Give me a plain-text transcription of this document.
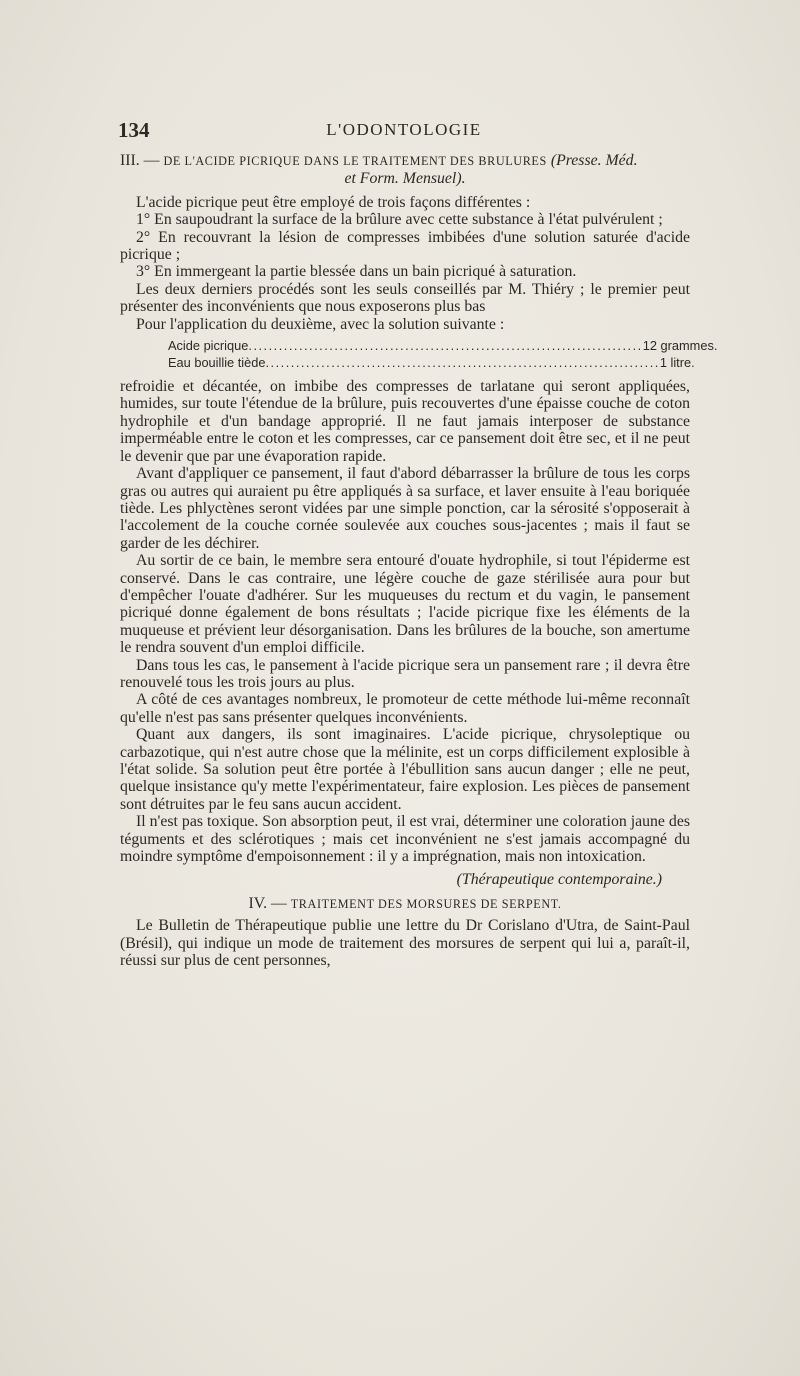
134	L'ODONTOLOGIE

III. — DE L'ACIDE PICRIQUE DANS LE TRAITEMENT DES BRULURES (Presse. Méd.

et Form. Mensuel).

L'acide picrique peut être employé de trois façons différentes :

1° En saupoudrant la surface de la brûlure avec cette substance à l'état pulvérulent ;

2° En recouvrant la lésion de compresses imbibées d'une solution saturée d'acide picrique ;

3° En immergeant la partie blessée dans un bain picriqué à saturation.

Les deux derniers procédés sont les seuls conseillés par M. Thiéry ; le premier peut présenter des inconvénients que nous exposerons plus bas

Pour l'application du deuxième, avec la solution suivante :

Acide picrique .............................................................................. 12 grammes.
Eau bouillie tiède .............................................................................. 1 litre.

refroidie et décantée, on imbibe des compresses de tarlatane qui seront appliquées, humides, sur toute l'étendue de la brûlure, puis recouvertes d'une épaisse couche de coton hydrophile et d'un bandage approprié. Il ne faut jamais interposer de substance imperméable entre le coton et les compresses, car ce pansement doit être sec, et il ne peut le devenir que par une évaporation rapide.

Avant d'appliquer ce pansement, il faut d'abord débarrasser la brûlure de tous les corps gras ou autres qui auraient pu être appliqués à sa surface, et laver ensuite à l'eau boriquée tiède. Les phlyctènes seront vidées par une simple ponction, car la sérosité s'opposerait à l'accolement de la couche cornée soulevée aux couches sous-jacentes ; mais il faut se garder de les déchirer.

Au sortir de ce bain, le membre sera entouré d'ouate hydrophile, si tout l'épiderme est conservé. Dans le cas contraire, une légère couche de gaze stérilisée aura pour but d'empêcher l'ouate d'adhérer. Sur les muqueuses du rectum et du vagin, le pansement picriqué donne également de bons résultats ; l'acide picrique fixe les éléments de la muqueuse et prévient leur désorganisation. Dans les brûlures de la bouche, son amertume le rendra souvent d'un emploi difficile.

Dans tous les cas, le pansement à l'acide picrique sera un pansement rare ; il devra être renouvelé tous les trois jours au plus.

A côté de ces avantages nombreux, le promoteur de cette méthode lui-même reconnaît qu'elle n'est pas sans présenter quelques inconvénients.

Quant aux dangers, ils sont imaginaires. L'acide picrique, chrysoleptique ou carbazotique, qui n'est autre chose que la mélinite, est un corps difficilement explosible à l'état solide. Sa solution peut être portée à l'ébullition sans aucun danger ; elle ne peut, quelque insistance qu'y mette l'expérimentateur, faire explosion. Les pièces de pansement sont détruites par le feu sans aucun accident.

Il n'est pas toxique. Son absorption peut, il est vrai, déterminer une coloration jaune des téguments et des sclérotiques ; mais cet inconvénient ne s'est jamais accompagné du moindre symptôme d'empoisonnement : il y a imprégnation, mais non intoxication.

(Thérapeutique contemporaine.)

IV. — TRAITEMENT DES MORSURES DE SERPENT.

Le Bulletin de Thérapeutique publie une lettre du Dr Corislano d'Utra, de Saint-Paul (Brésil), qui indique un mode de traitement des morsures de serpent qui lui a, paraît-il, réussi sur plus de cent personnes,
